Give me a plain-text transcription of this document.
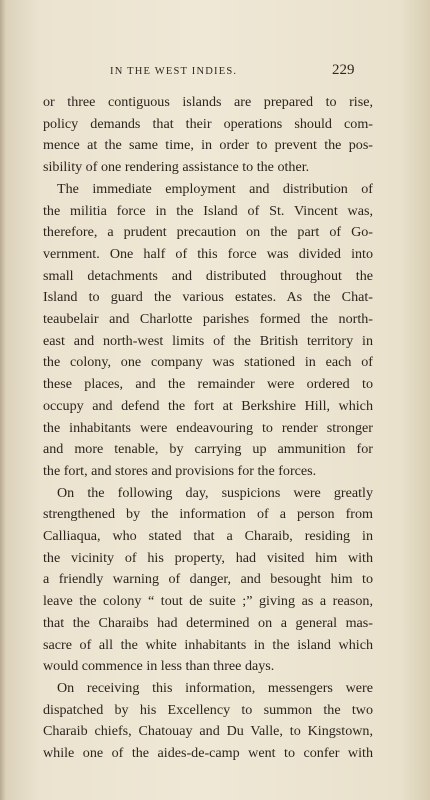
IN THE WEST INDIES.	229

or three contiguous islands are prepared to rise,
policy demands that their operations should com-
mence at the same time, in order to prevent the pos-
sibility of one rendering assistance to the other.

The immediate employment and distribution of
the militia force in the Island of St. Vincent was,
therefore, a prudent precaution on the part of Go-
vernment. One half of this force was divided into
small detachments and distributed throughout the
Island to guard the various estates. As the Chat-
teaubelair and Charlotte parishes formed the north-
east and north-west limits of the British territory in
the colony, one company was stationed in each of
these places, and the remainder were ordered to
occupy and defend the fort at Berkshire Hill, which
the inhabitants were endeavouring to render stronger
and more tenable, by carrying up ammunition for
the fort, and stores and provisions for the forces.

On the following day, suspicions were greatly
strengthened by the information of a person from
Calliaqua, who stated that a Charaib, residing in
the vicinity of his property, had visited him with
a friendly warning of danger, and besought him to
leave the colony “ tout de suite ;” giving as a reason,
that the Charaibs had determined on a general mas-
sacre of all the white inhabitants in the island which
would commence in less than three days.

On receiving this information, messengers were
dispatched by his Excellency to summon the two
Charaib chiefs, Chatouay and Du Valle, to Kingstown,
while one of the aides-de-camp went to confer with
